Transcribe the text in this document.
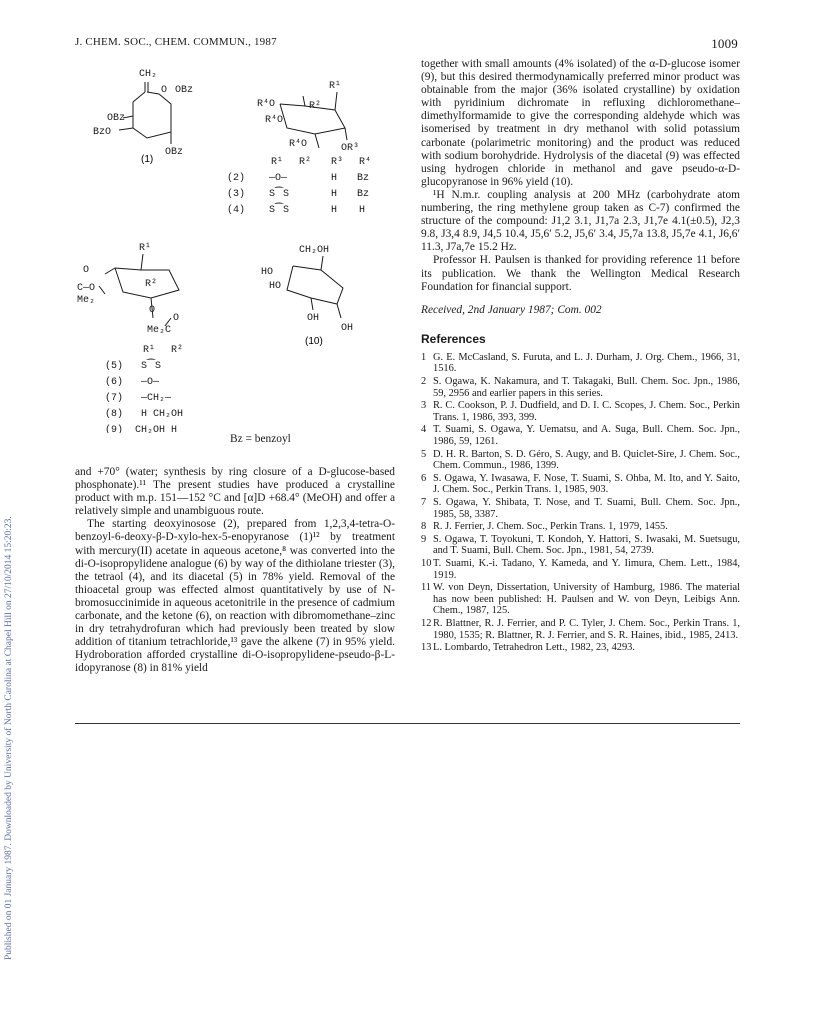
J. CHEM. SOC., CHEM. COMMUN., 1987	1009
Published on 01 January 1987. Downloaded by University of North Carolina at Chapel Hill on 27/10/2014 15:20:23.
CH₂
O OBz
OBz
BzO
OBz
(1)
R¹
R⁴O	R²
R⁴O
R⁴O	OR³
R¹ R² R³ R⁴
(2) —O—	H Bz
(3) S⁀S	H Bz
(4) S⁀S	H H
R¹
O
R²
C—O
Me₂
O
O
Me₂C
R¹ R²
(5) S⁀S
(6) —O—
(7) —CH₂—
(8) H CH₂OH
(9) CH₂OH H
CH₂OH
HO
HO
OH
OH
(10)
Bz = benzoyl

together with small amounts (4% isolated) of the α-D-glucose isomer (9), but this desired thermodynamically preferred minor product was obtainable from the major (36% isolated crystalline) by oxidation with pyridinium dichromate in refluxing dichloromethane–dimethylformamide to give the corresponding aldehyde which was isomerised by treatment in dry methanol with solid potassium carbonate (polarimetric monitoring) and the product was reduced with sodium borohydride. Hydrolysis of the diacetal (9) was effected using hydrogen chloride in methanol and gave pseudo-α-D-glucopyranose in 96% yield (10).

¹H N.m.r. coupling analysis at 200 MHz (carbohydrate atom numbering, the ring methylene group taken as C-7) confirmed the structure of the compound: J1,2 3.1, J1,7a 2.3, J1,7e 4.1(±0.5), J2,3 9.8, J3,4 8.9, J4,5 10.4, J5,6′ 5.2, J5,6′ 3.4, J5,7a 13.8, J5,7e 4.1, J6,6′ 11.3, J7a,7e 15.2 Hz.

Professor H. Paulsen is thanked for providing reference 11 before its publication. We thank the Wellington Medical Research Foundation for financial support.

Received, 2nd January 1987; Com. 002

References
1 G. E. McCasland, S. Furuta, and L. J. Durham, J. Org. Chem., 1966, 31, 1516.
2 S. Ogawa, K. Nakamura, and T. Takagaki, Bull. Chem. Soc. Jpn., 1986, 59, 2956 and earlier papers in this series.
3 R. C. Cookson, P. J. Dudfield, and D. I. C. Scopes, J. Chem. Soc., Perkin Trans. 1, 1986, 393, 399.
4 T. Suami, S. Ogawa, Y. Uematsu, and A. Suga, Bull. Chem. Soc. Jpn., 1986, 59, 1261.
5 D. H. R. Barton, S. D. Géro, S. Augy, and B. Quiclet-Sire, J. Chem. Soc., Chem. Commun., 1986, 1399.
6 S. Ogawa, Y. Iwasawa, F. Nose, T. Suami, S. Ohba, M. Ito, and Y. Saito, J. Chem. Soc., Perkin Trans. 1, 1985, 903.
7 S. Ogawa, Y. Shibata, T. Nose, and T. Suami, Bull. Chem. Soc. Jpn., 1985, 58, 3387.
8 R. J. Ferrier, J. Chem. Soc., Perkin Trans. 1, 1979, 1455.
9 S. Ogawa, T. Toyokuni, T. Kondoh, Y. Hattori, S. Iwasaki, M. Suetsugu, and T. Suami, Bull. Chem. Soc. Jpn., 1981, 54, 2739.
10 T. Suami, K.-i. Tadano, Y. Kameda, and Y. Iimura, Chem. Lett., 1984, 1919.
11 W. von Deyn, Dissertation, University of Hamburg, 1986. The material has now been published: H. Paulsen and W. von Deyn, Leibigs Ann. Chem., 1987, 125.
12 R. Blattner, R. J. Ferrier, and P. C. Tyler, J. Chem. Soc., Perkin Trans. 1, 1980, 1535; R. Blattner, R. J. Ferrier, and S. R. Haines, ibid., 1985, 2413.
13 L. Lombardo, Tetrahedron Lett., 1982, 23, 4293.

and +70° (water; synthesis by ring closure of a D-glucose-based phosphonate).¹¹ The present studies have produced a crystalline product with m.p. 151—152 °C and [α]D +68.4° (MeOH) and offer a relatively simple and unambiguous route.

The starting deoxyinosose (2), prepared from 1,2,3,4-tetra-O-benzoyl-6-deoxy-β-D-xylo-hex-5-enopyranose (1)¹² by treatment with mercury(II) acetate in aqueous acetone,⁸ was converted into the di-O-isopropylidene analogue (6) by way of the dithiolane triester (3), the tetraol (4), and its diacetal (5) in 78% yield. Removal of the thioacetal group was effected almost quantitatively by use of N-bromosuccinimide in aqueous acetonitrile in the presence of cadmium carbonate, and the ketone (6), on reaction with dibromomethane–zinc in dry tetrahydrofuran which had previously been treated by slow addition of titanium tetrachloride,¹³ gave the alkene (7) in 95% yield. Hydroboration afforded crystalline di-O-isopropylidene-pseudo-β-L-idopyranose (8) in 81% yield
